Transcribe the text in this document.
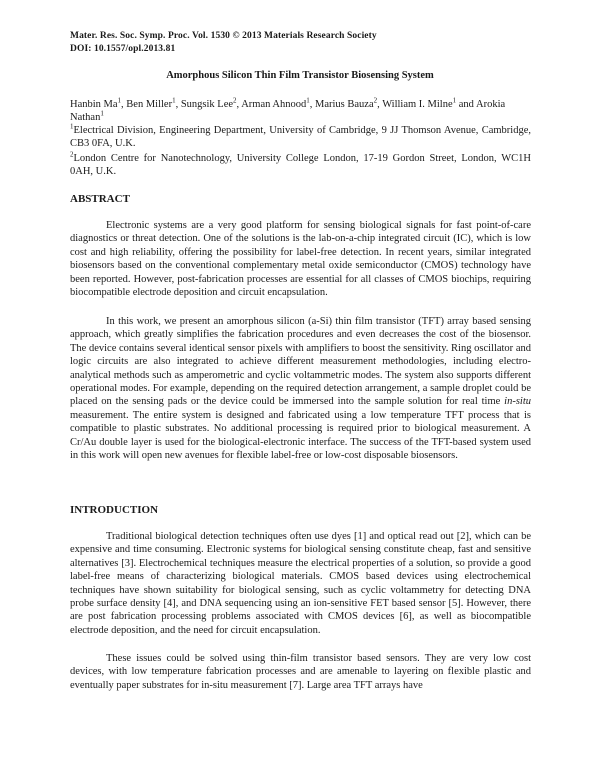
Mater. Res. Soc. Symp. Proc. Vol. 1530 © 2013 Materials Research Society
DOI: 10.1557/opl.2013.81
Amorphous Silicon Thin Film Transistor Biosensing System

Hanbin Ma$^1$, Ben Miller$^1$, Sungsik Lee$^2$, Arman Ahnood$^1$, Marius Bauza$^2$, William I. Milne$^1$ and Arokia Nathan$^1$

$^1$Electrical Division, Engineering Department, University of Cambridge, 9 JJ Thomson Avenue, Cambridge, CB3 0FA, U.K.

$^2$London Centre for Nanotechnology, University College London, 17-19 Gordon Street, London, WC1H 0AH, U.K.

ABSTRACT

Electronic systems are a very good platform for sensing biological signals for fast point-of-care diagnostics or threat detection. One of the solutions is the lab-on-a-chip integrated circuit (IC), which is low cost and high reliability, offering the possibility for label-free detection. In recent years, similar integrated biosensors based on the conventional complementary metal oxide semiconductor (CMOS) technology have been reported. However, post-fabrication processes are essential for all classes of CMOS biochips, requiring biocompatible electrode deposition and circuit encapsulation.

In this work, we present an amorphous silicon (a-Si) thin film transistor (TFT) array based sensing approach, which greatly simplifies the fabrication procedures and even decreases the cost of the biosensor. The device contains several identical sensor pixels with amplifiers to boost the sensitivity. Ring oscillator and logic circuits are also integrated to achieve different measurement methodologies, including electro-analytical methods such as amperometric and cyclic voltammetric modes. The system also supports different operational modes. For example, depending on the required detection arrangement, a sample droplet could be placed on the sensing pads or the device could be immersed into the sample solution for real time in-situ measurement. The entire system is designed and fabricated using a low temperature TFT process that is compatible to plastic substrates. No additional processing is required prior to biological measurement. A Cr/Au double layer is used for the biological-electronic interface. The success of the TFT-based system used in this work will open new avenues for flexible label-free or low-cost disposable biosensors.

INTRODUCTION

Traditional biological detection techniques often use dyes [1] and optical read out [2], which can be expensive and time consuming. Electronic systems for biological sensing constitute cheap, fast and sensitive alternatives [3]. Electrochemical techniques measure the electrical properties of a solution, so provide a good label-free means of characterizing biological materials. CMOS based devices using electrochemical techniques have shown suitability for biological sensing, such as cyclic voltammetry for detecting DNA probe surface density [4], and DNA sequencing using an ion-sensitive FET based sensor [5]. However, there are post fabrication processing problems associated with CMOS devices [6], as well as biocompatible electrode deposition, and the need for circuit encapsulation.

These issues could be solved using thin-film transistor based sensors. They are very low cost devices, with low temperature fabrication processes and are amenable to layering on flexible plastic and eventually paper substrates for in-situ measurement [7]. Large area TFT arrays have
